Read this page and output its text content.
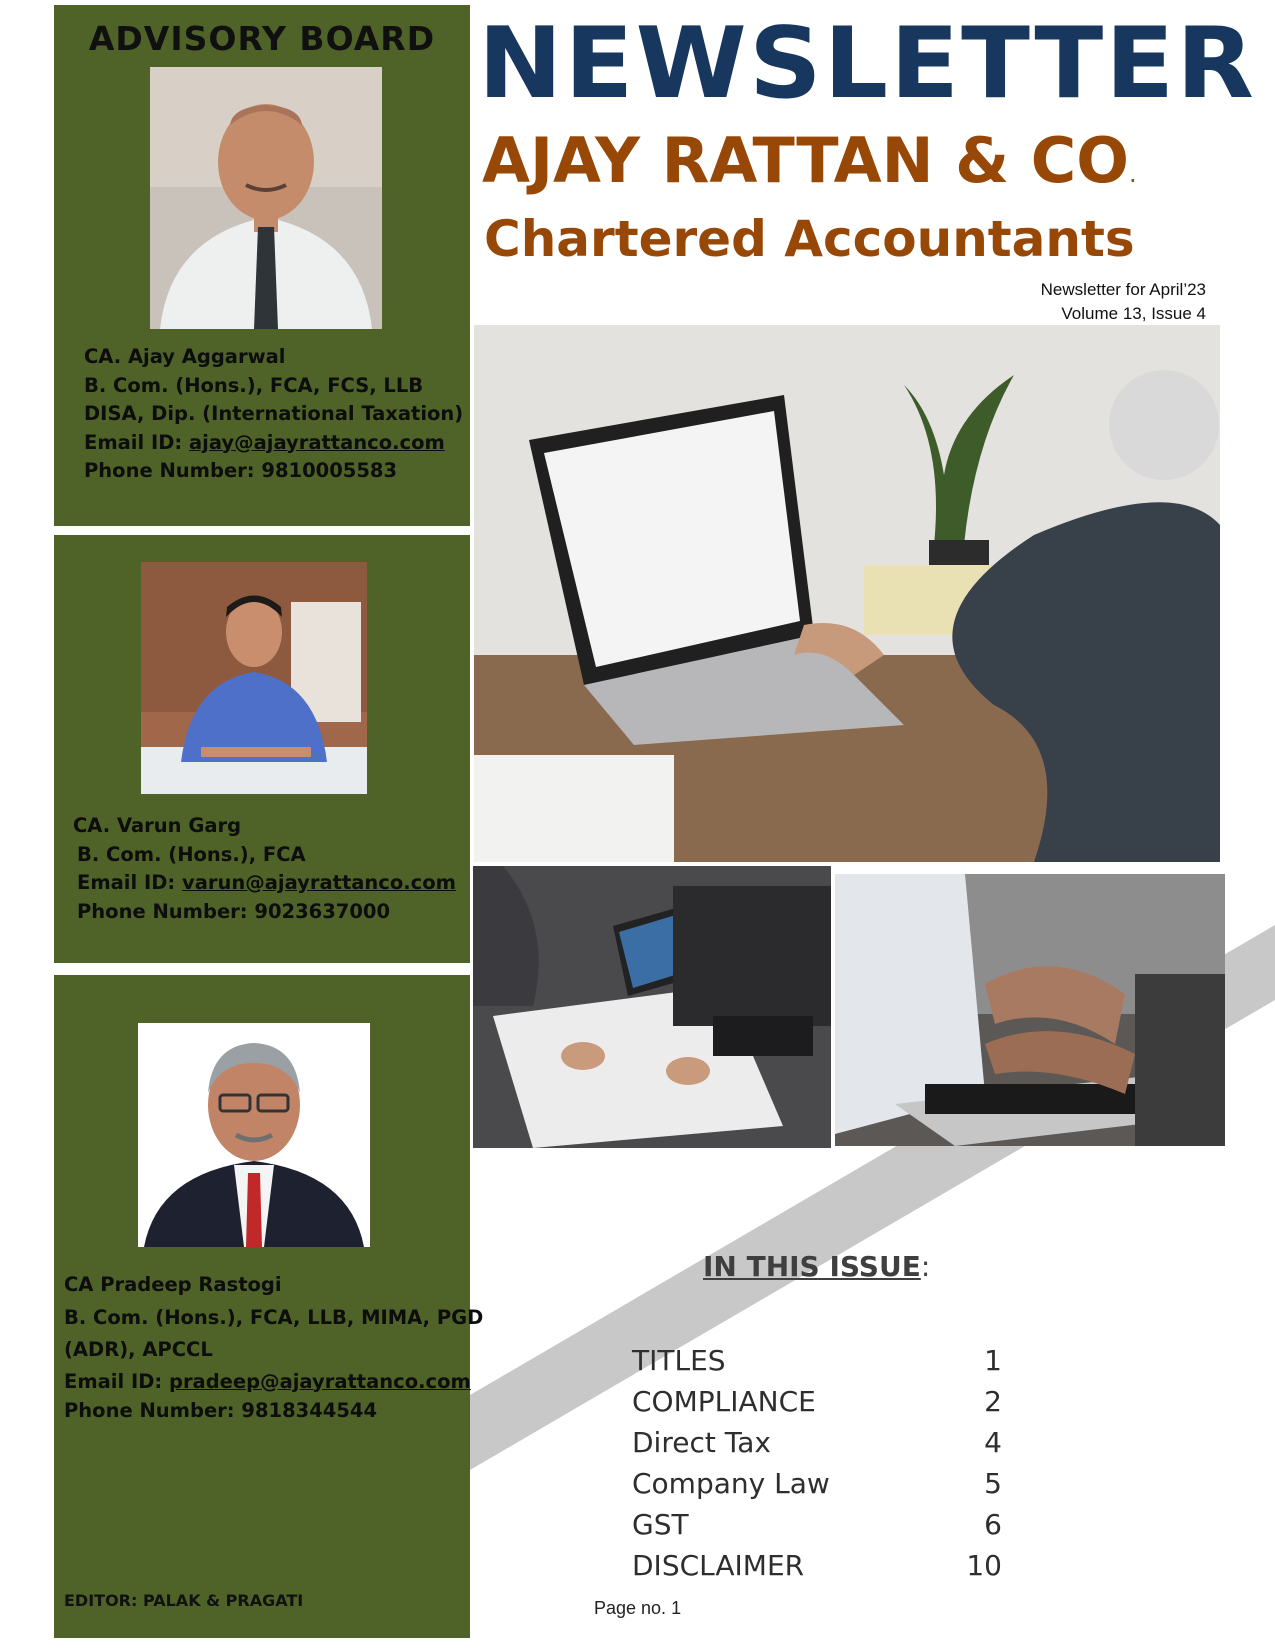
ADVISORY BOARD
CA. Ajay Aggarwal
B. Com. (Hons.), FCA, FCS, LLB
DISA, Dip. (International Taxation)
Email ID: ajay@ajayrattanco.com
Phone Number: 9810005583
CA. Varun Garg
B. Com. (Hons.), FCA
Email ID: varun@ajayrattanco.com
Phone Number: 9023637000
CA Pradeep Rastogi
B. Com. (Hons.), FCA, LLB, MIMA, PGD
(ADR), APCCL
Email ID: pradeep@ajayrattanco.com
Phone Number: 9818344544
EDITOR: PALAK & PRAGATI
NEWSLETTER
AJAY RATTAN & CO.
Chartered Accountants
Newsletter for April’23
Volume 13, Issue 4
IN THIS ISSUE:
TITLES	1
COMPLIANCE	2
Direct Tax	4
Company Law	5
GST	6
DISCLAIMER	10
Page no. 1
